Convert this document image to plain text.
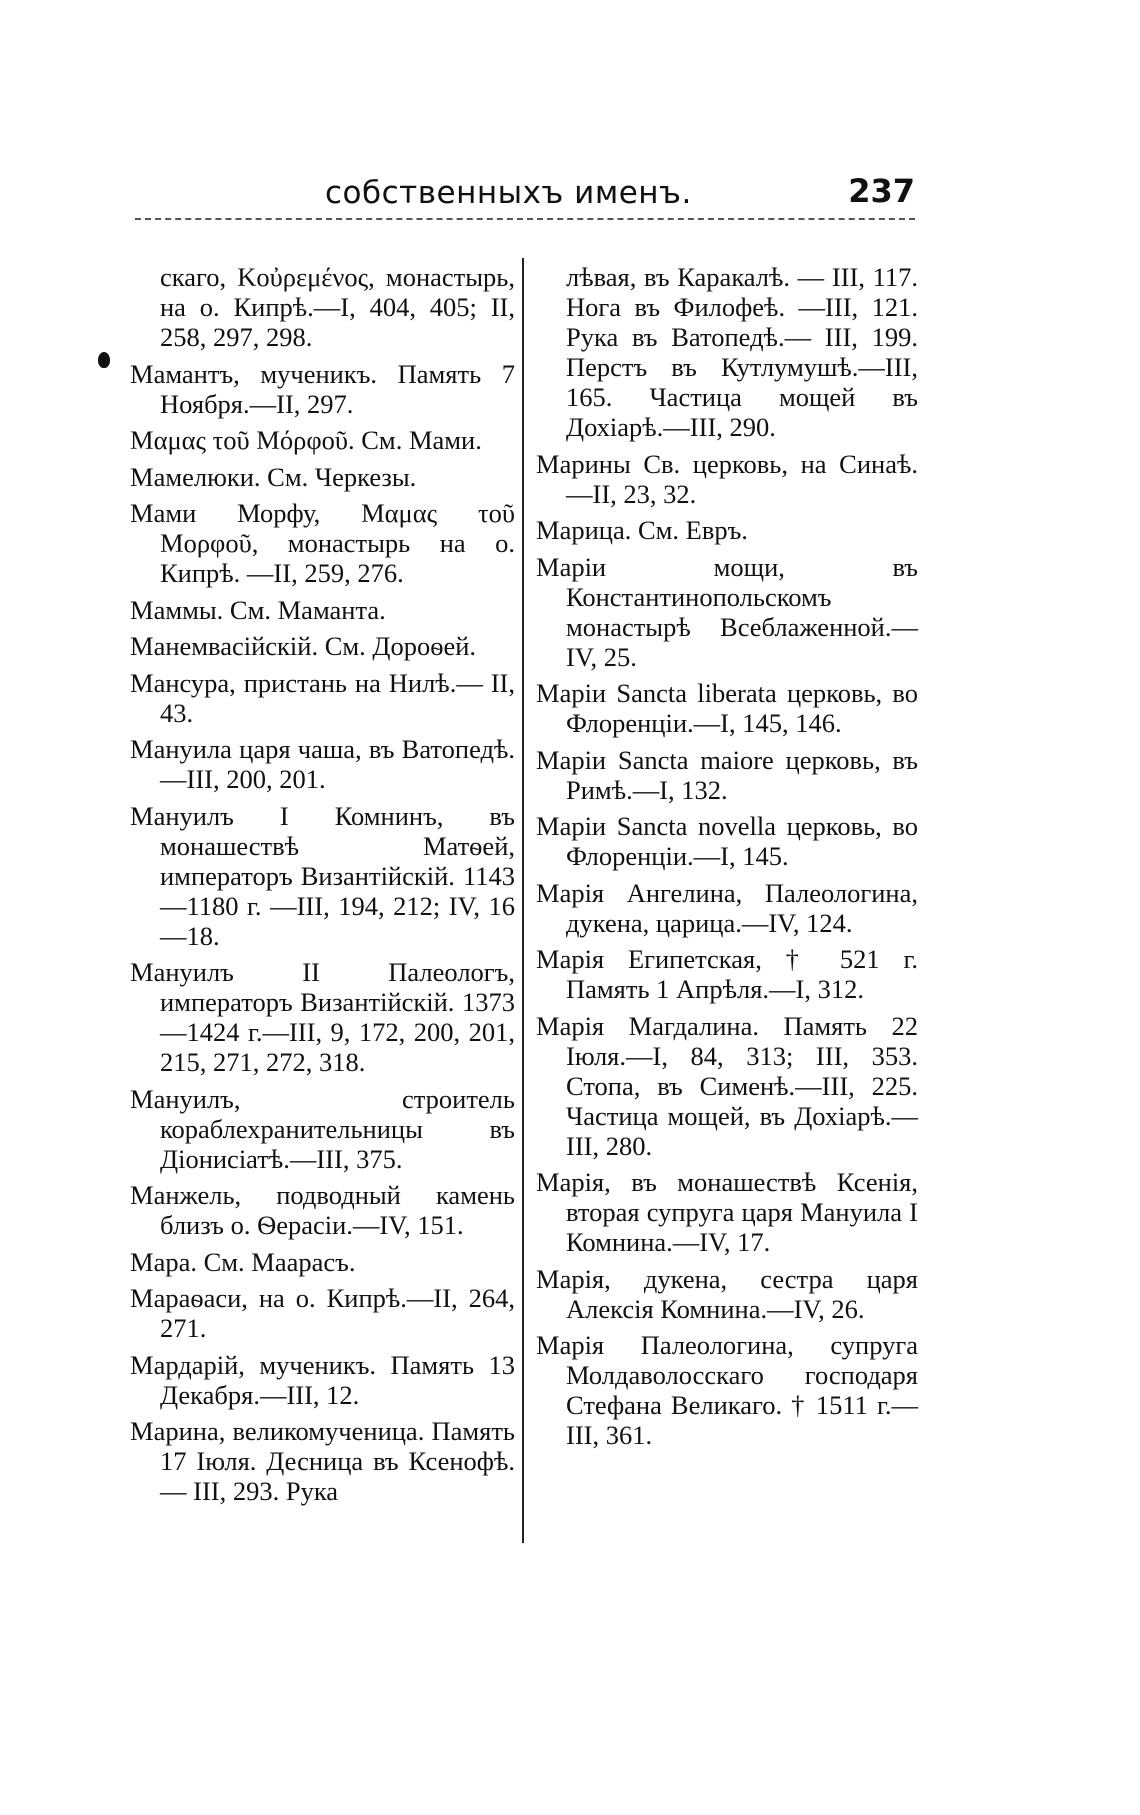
собственныхъ именъ.	237

скаго, Κοὐρεμένος, монастырь, на о. Кипрѣ.—I, 404, 405; II, 258, 297, 298.

Мамантъ, мученикъ. Память 7 Ноября.—II, 297.

Μαμας τοῦ Μόρφοῦ. См. Мами.

Мамелюки. См. Черкезы.

Мами Морфу, Μαμας τοῦ Μορφοῦ, монастырь на о. Кипрѣ. —II, 259, 276.

Маммы. См. Маманта.

Манемвасійскій. См. Дороѳей.

Мансура, пристань на Нилѣ.— II, 43.

Мануила царя чаша, въ Ватопедѣ.—III, 200, 201.

Мануилъ I Комнинъ, въ монашествѣ Матѳей, императоръ Византійскій. 1143—1180 г. —III, 194, 212; IV, 16—18.

Мануилъ II Палеологъ, императоръ Византійскій. 1373 —1424 г.—III, 9, 172, 200, 201, 215, 271, 272, 318.

Мануилъ, строитель кораблехранительницы въ Діонисіатѣ.—III, 375.

Манжель, подводный камень близъ о. Ѳерасіи.—IV, 151.

Мара. См. Маарасъ.

Мараѳаси, на о. Кипрѣ.—II, 264, 271.

Мардарій, мученикъ. Память 13 Декабря.—III, 12.

Марина, великомученица. Память 17 Іюля. Десница въ Ксенофѣ. — III, 293. Рука

лѣвая, въ Каракалѣ. — III, 117. Нога въ Филофеѣ. —III, 121. Рука въ Ватопедѣ.— III, 199. Перстъ въ Кутлумушѣ.—III, 165. Частица мощей въ Дохіарѣ.—III, 290.

Марины Св. церковь, на Синаѣ.—II, 23, 32.

Марица. См. Евръ.

Маріи мощи, въ Константинопольскомъ монастырѣ Всеблаженной.—IV, 25.

Маріи Sancta liberata церковь, во Флоренціи.—I, 145, 146.

Маріи Sancta maiore церковь, въ Римѣ.—I, 132.

Маріи Sancta novella церковь, во Флоренціи.—I, 145.

Марія Ангелина, Палеологина, дукена, царица.—IV, 124.

Марія Египетская, † 521 г. Память 1 Апрѣля.—I, 312.

Марія Магдалина. Память 22 Іюля.—I, 84, 313; III, 353. Стопа, въ Сименѣ.—III, 225. Частица мощей, въ Дохіарѣ.— III, 280.

Марія, въ монашествѣ Ксенія, вторая супруга царя Мануила I Комнина.—IV, 17.

Марія, дукена, сестра царя Алексія Комнина.—IV, 26.

Марія Палеологина, супруга Молдаволосскаго господаря Стефана Великаго. † 1511 г.—III, 361.
